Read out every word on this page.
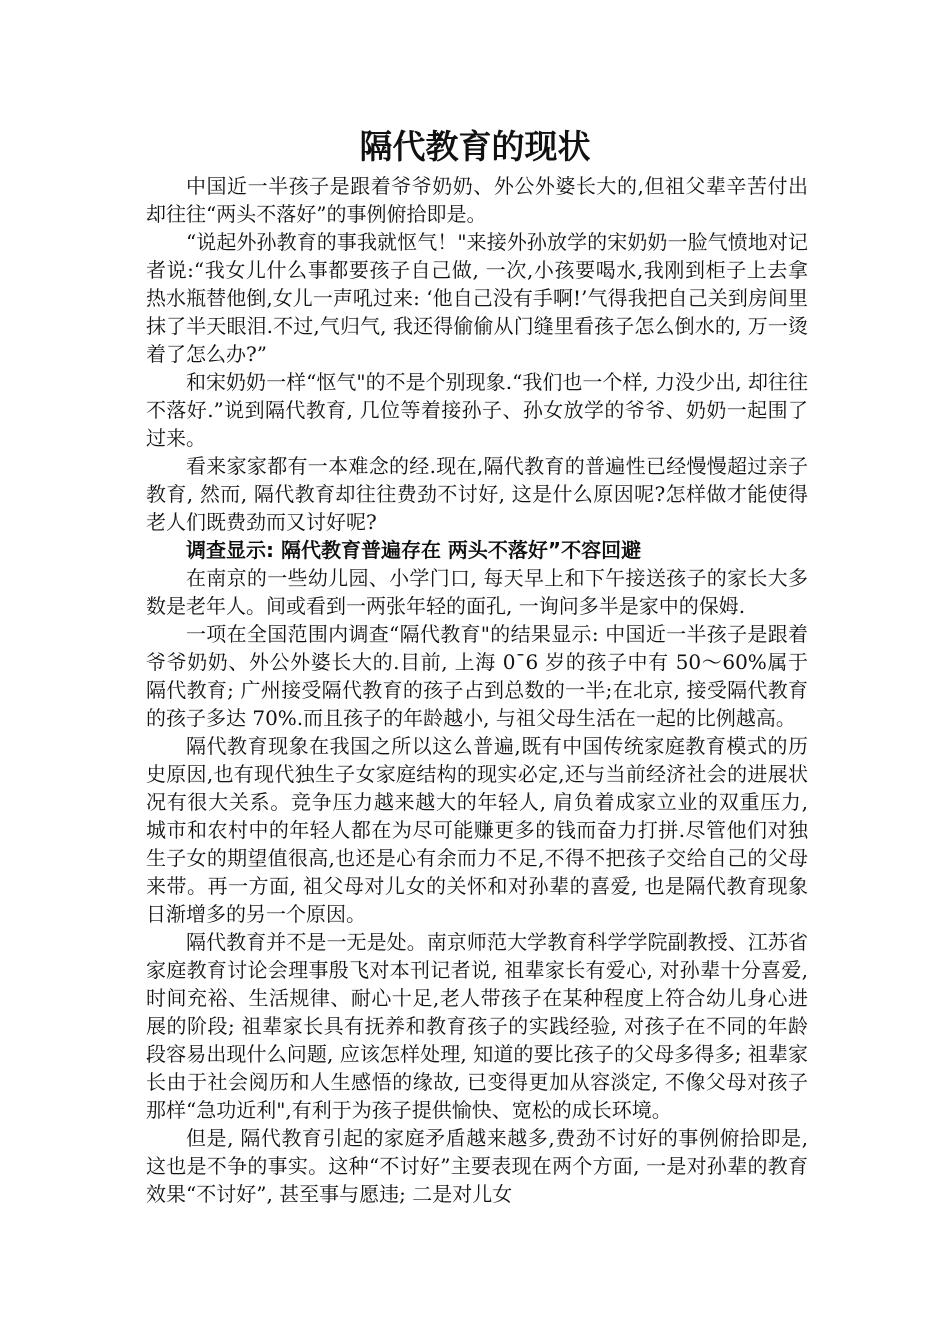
隔代教育的现状

中国近一半孩子是跟着爷爷奶奶、外公外婆长大的,但祖父辈辛苦付出却往往“两头不落好”的事例俯拾即是。

“说起外孙教育的事我就怄气！"来接外孙放学的宋奶奶一脸气愤地对记者说:“我女儿什么事都要孩子自己做, 一次,小孩要喝水,我刚到柜子上去拿热水瓶替他倒,女儿一声吼过来: ‘他自己没有手啊!’气得我把自己关到房间里抹了半天眼泪.不过,气归气, 我还得偷偷从门缝里看孩子怎么倒水的, 万一烫着了怎么办?”

和宋奶奶一样“怄气"的不是个别现象.“我们也一个样, 力没少出, 却往往不落好.”说到隔代教育, 几位等着接孙子、孙女放学的爷爷、奶奶一起围了过来。

看来家家都有一本难念的经.现在,隔代教育的普遍性已经慢慢超过亲子教育, 然而, 隔代教育却往往费劲不讨好, 这是什么原因呢?怎样做才能使得老人们既费劲而又讨好呢?

调查显示: 隔代教育普遍存在 两头不落好”不容回避

在南京的一些幼儿园、小学门口, 每天早上和下午接送孩子的家长大多数是老年人。间或看到一两张年轻的面孔, 一询问多半是家中的保姆.

一项在全国范围内调查“隔代教育"的结果显示: 中国近一半孩子是跟着爷爷奶奶、外公外婆长大的.目前, 上海 0¯6 岁的孩子中有 50～60%属于隔代教育; 广州接受隔代教育的孩子占到总数的一半;在北京, 接受隔代教育的孩子多达 70%.而且孩子的年龄越小, 与祖父母生活在一起的比例越高。

隔代教育现象在我国之所以这么普遍,既有中国传统家庭教育模式的历史原因,也有现代独生子女家庭结构的现实必定,还与当前经济社会的进展状况有很大关系。竞争压力越来越大的年轻人, 肩负着成家立业的双重压力, 城市和农村中的年轻人都在为尽可能赚更多的钱而奋力打拼.尽管他们对独生子女的期望值很高,也还是心有余而力不足,不得不把孩子交给自己的父母来带。再一方面, 祖父母对儿女的关怀和对孙辈的喜爱, 也是隔代教育现象日渐增多的另一个原因。

隔代教育并不是一无是处。南京师范大学教育科学学院副教授、江苏省家庭教育讨论会理事殷飞对本刊记者说, 祖辈家长有爱心, 对孙辈十分喜爱,时间充裕、生活规律、耐心十足,老人带孩子在某种程度上符合幼儿身心进展的阶段; 祖辈家长具有抚养和教育孩子的实践经验, 对孩子在不同的年龄段容易出现什么问题, 应该怎样处理, 知道的要比孩子的父母多得多; 祖辈家长由于社会阅历和人生感悟的缘故, 已变得更加从容淡定, 不像父母对孩子那样“急功近利",有利于为孩子提供愉快、宽松的成长环境。

但是, 隔代教育引起的家庭矛盾越来越多,费劲不讨好的事例俯拾即是, 这也是不争的事实。这种“不讨好”主要表现在两个方面, 一是对孙辈的教育效果“不讨好”, 甚至事与愿违; 二是对儿女
